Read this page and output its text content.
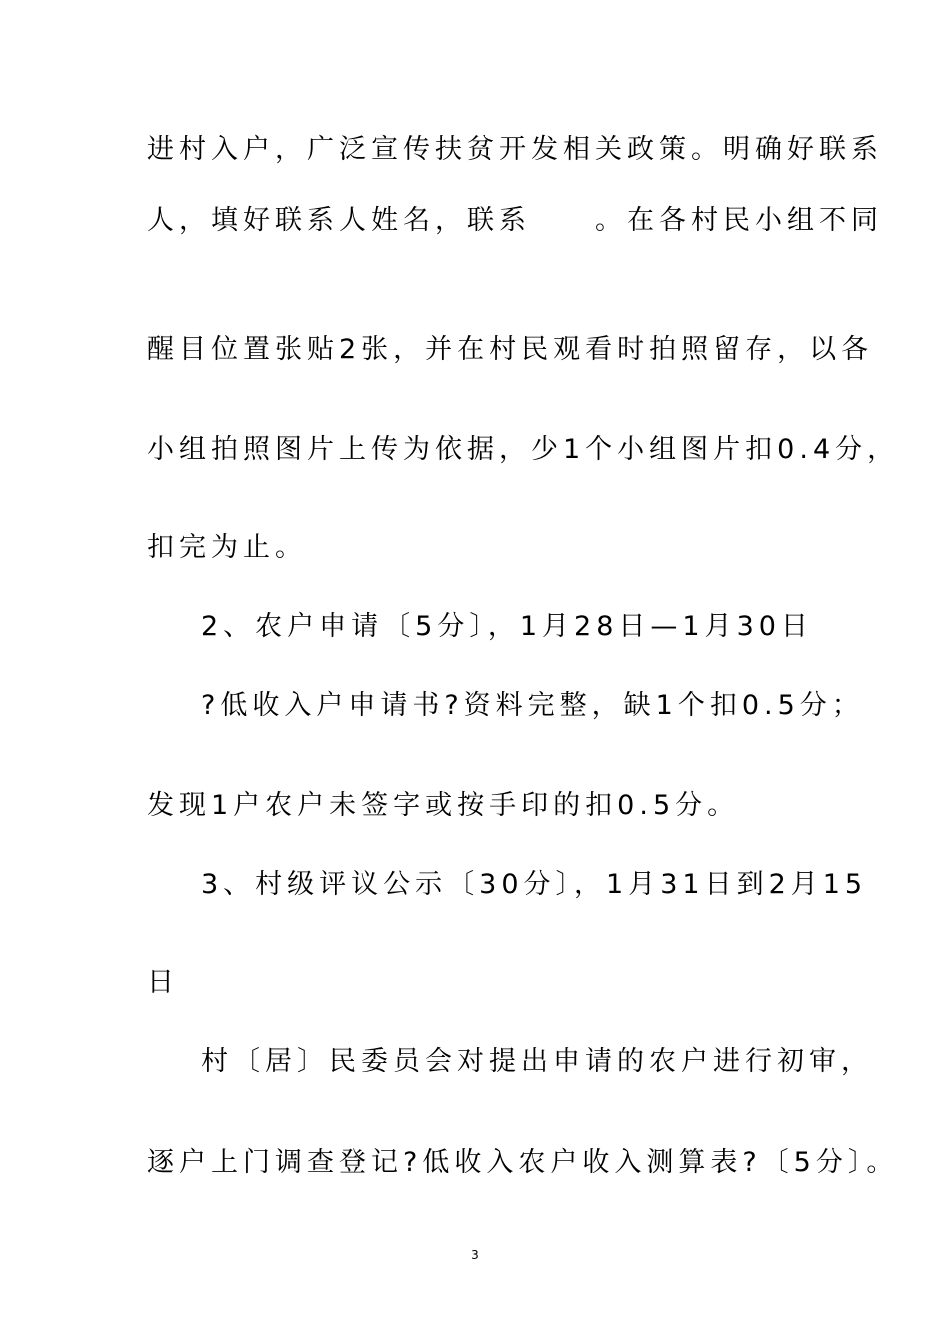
进村入户，广泛宣传扶贫开发相关政策。明确好联系
人，填好联系人姓名，联系　　。在各村民小组不同
醒目位置张贴2张，并在村民观看时拍照留存，以各
小组拍照图片上传为依据，少1个小组图片扣0.4分，
扣完为止。
2、农户申请〔5分〕，1月28日—1月30日
?低收入户申请书?资料完整，缺1个扣0.5分；
发现1户农户未签字或按手印的扣0.5分。
3、村级评议公示〔30分〕，1月31日到2月15
日
村〔居〕民委员会对提出申请的农户进行初审，
逐户上门调查登记?低收入农户收入测算表?〔5分〕。
3
